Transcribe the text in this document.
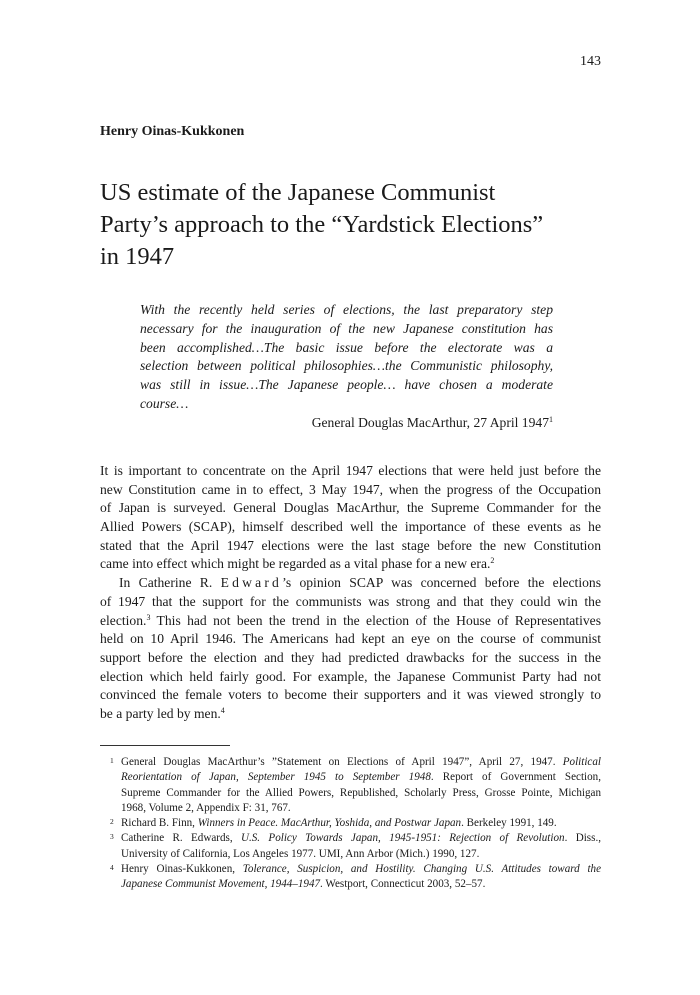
143
Henry Oinas-Kukkonen
US estimate of the Japanese Communist
Party’s approach to the “Yardstick Elections”
in 1947
With the recently held series of elections, the last preparatory step
necessary for the inauguration of the new Japanese constitution has
been accomplished…The basic issue before the electorate was a
selection between political philosophies…the Communistic philosophy,
was still in issue…The Japanese people… have chosen a moderate
course…
General Douglas MacArthur, 27 April 1947$^1$
It is important to concentrate on the April 1947 elections that were held just before the
new Constitution came in to effect, 3 May 1947, when the progress of the Occupation
of Japan is surveyed. General Douglas MacArthur, the Supreme Commander for the
Allied Powers (SCAP), himself described well the importance of these events as he
stated that the April 1947 elections were the last stage before the new Constitution
came into effect which might be regarded as a vital phase for a new era.$^2$
In Catherine R. Edward’s opinion SCAP was concerned before the elections
of 1947 that the support for the communists was strong and that they could win the
election.$^3$ This had not been the trend in the election of the House of Representatives
held on 10 April 1946. The Americans had kept an eye on the course of communist
support before the election and they had predicted drawbacks for the success in the
election which held fairly good. For example, the Japanese Communist Party had not
convinced the female voters to become their supporters and it was viewed strongly to
be a party led by men.$^4$
1 General Douglas MacArthur’s ”Statement on Elections of April 1947”, April 27, 1947. Political
Reorientation of Japan, September 1945 to September 1948. Report of Government Section,
Supreme Commander for the Allied Powers, Republished, Scholarly Press, Grosse Pointe, Michigan
1968, Volume 2, Appendix F: 31, 767.
2 Richard B. Finn, Winners in Peace. MacArthur, Yoshida, and Postwar Japan. Berkeley 1991, 149.
3 Catherine R. Edwards, U.S. Policy Towards Japan, 1945-1951: Rejection of Revolution. Diss.,
University of California, Los Angeles 1977. UMI, Ann Arbor (Mich.) 1990, 127.
4 Henry Oinas-Kukkonen, Tolerance, Suspicion, and Hostility. Changing U.S. Attitudes toward the
Japanese Communist Movement, 1944–1947. Westport, Connecticut 2003, 52–57.
